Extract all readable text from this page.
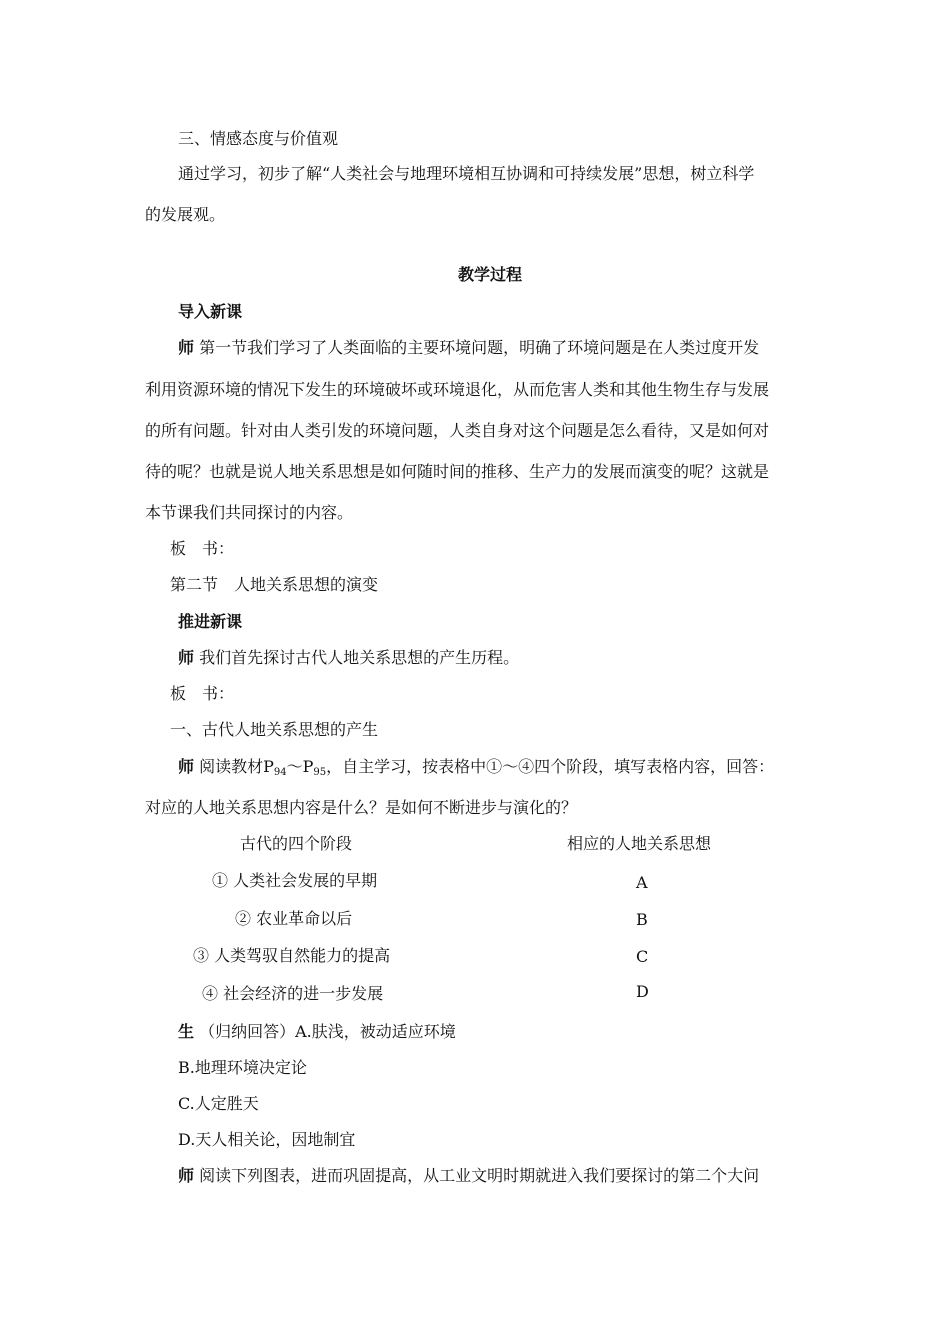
三、情感态度与价值观
通过学习，初步了解“人类社会与地理环境相互协调和可持续发展”思想，树立科学
的发展观。
教学过程
导入新课
师 第一节我们学习了人类面临的主要环境问题，明确了环境问题是在人类过度开发
利用资源环境的情况下发生的环境破坏或环境退化，从而危害人类和其他生物生存与发展
的所有问题。针对由人类引发的环境问题，人类自身对这个问题是怎么看待，又是如何对
待的呢？也就是说人地关系思想是如何随时间的推移、生产力的发展而演变的呢？这就是
本节课我们共同探讨的内容。
板　书：
第二节　人地关系思想的演变
推进新课
师 我们首先探讨古代人地关系思想的产生历程。
板　书：
一、古代人地关系思想的产生
师 阅读教材$P_{94}\sim P_{95}$，自主学习，按表格中①～④四个阶段，填写表格内容，回答：
对应的人地关系思想内容是什么？是如何不断进步与演化的？
古代的四个阶段	相应的人地关系思想
① 人类社会发展的早期	A
② 农业革命以后	B
③ 人类驾驭自然能力的提高	C
④ 社会经济的进一步发展	D
生 （归纳回答）A.肤浅，被动适应环境
B.地理环境决定论
C.人定胜天
D.天人相关论，因地制宜
师 阅读下列图表，进而巩固提高，从工业文明时期就进入我们要探讨的第二个大问
